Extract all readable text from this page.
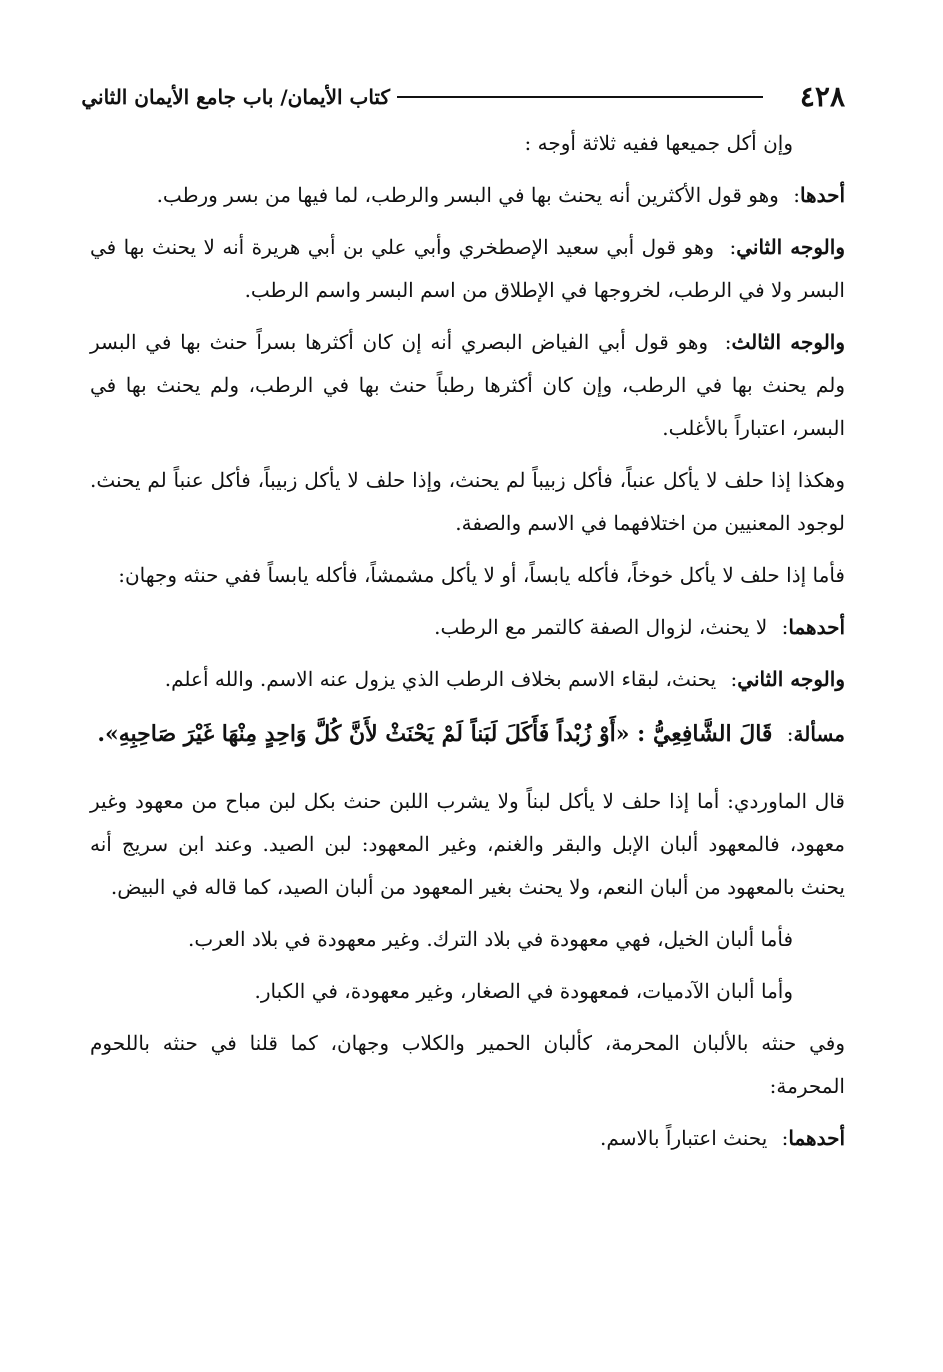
٤٢٨
كتاب الأيمان/ باب جامع الأيمان الثاني

وإن أكل جميعها ففيه ثلاثة أوجه :

أحدها: وهو قول الأكثرين أنه يحنث بها في البسر والرطب، لما فيها من بسر ورطب.

والوجه الثاني: وهو قول أبي سعيد الإصطخري وأبي علي بن أبي هريرة أنه لا يحنث بها في البسر ولا في الرطب، لخروجها في الإطلاق من اسم البسر واسم الرطب.

والوجه الثالث: وهو قول أبي الفياض البصري أنه إن كان أكثرها بسراً حنث بها في البسر ولم يحنث بها في الرطب، وإن كان أكثرها رطباً حنث بها في الرطب، ولم يحنث بها في البسر، اعتباراً بالأغلب.

وهكذا إذا حلف لا يأكل عنباً، فأكل زبيباً لم يحنث، وإذا حلف لا يأكل زبيباً، فأكل عنباً لم يحنث. لوجود المعنيين من اختلافهما في الاسم والصفة.

فأما إذا حلف لا يأكل خوخاً، فأكله يابساً، أو لا يأكل مشمشاً، فأكله يابساً ففي حنثه وجهان:

أحدهما: لا يحنث، لزوال الصفة كالتمر مع الرطب.

والوجه الثاني: يحنث، لبقاء الاسم بخلاف الرطب الذي يزول عنه الاسم. والله أعلم.

مسألة: قَالَ الشَّافِعِيُّ : «أَوْ زُبْداً فَأَكَلَ لَبَناً لَمْ يَحْنَثْ لأَنَّ كُلَّ وَاحِدٍ مِنْهَا غَيْرَ صَاحِبِهِ».

قال الماوردي: أما إذا حلف لا يأكل لبناً ولا يشرب اللبن حنث بكل لبن مباح من معهود وغير معهود، فالمعهود ألبان الإبل والبقر والغنم، وغير المعهود: لبن الصيد. وعند ابن سريج أنه يحنث بالمعهود من ألبان النعم، ولا يحنث بغير المعهود من ألبان الصيد، كما قاله في البيض.

فأما ألبان الخيل، فهي معهودة في بلاد الترك. وغير معهودة في بلاد العرب.

وأما ألبان الآدميات، فمعهودة في الصغار، وغير معهودة، في الكبار.

وفي حنثه بالألبان المحرمة، كألبان الحمير والكلاب وجهان، كما قلنا في حنثه باللحوم المحرمة:

أحدهما: يحنث اعتباراً بالاسم.
